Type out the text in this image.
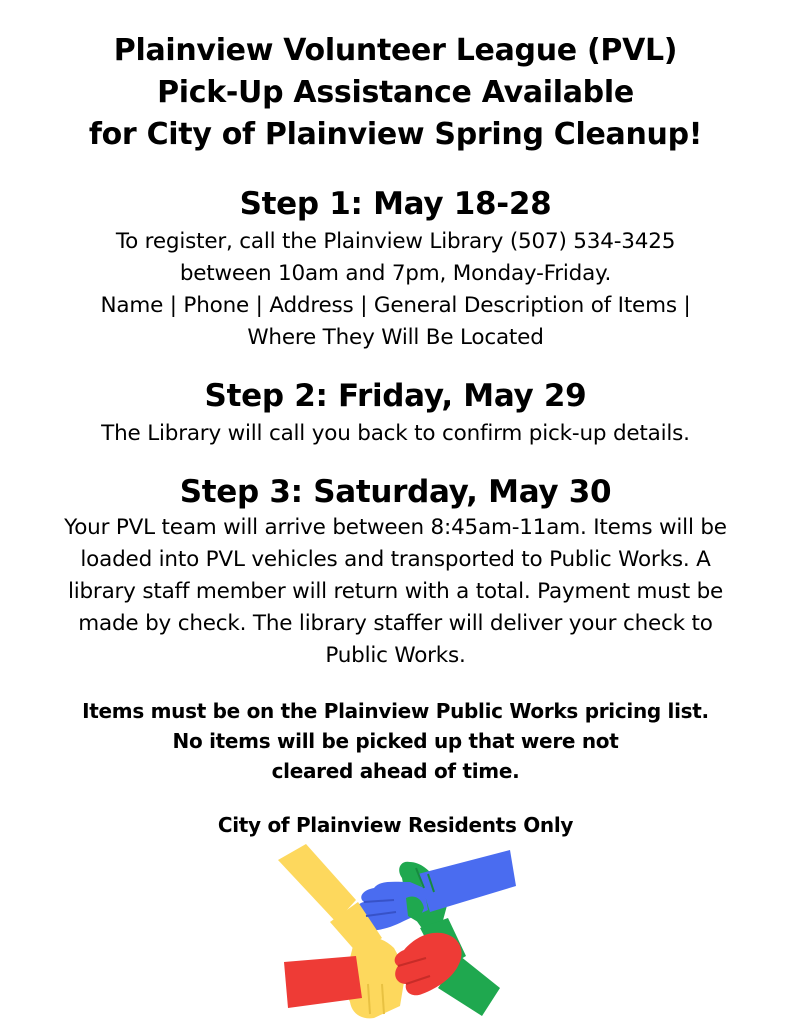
Plainview Volunteer League (PVL)
Pick-Up Assistance Available
for City of Plainview Spring Cleanup!
Step 1: May 18-28
To register, call the Plainview Library (507) 534-3425
between 10am and 7pm, Monday-Friday.
Name | Phone | Address | General Description of Items |
Where They Will Be Located
Step 2: Friday, May 29
The Library will call you back to confirm pick-up details.
Step 3: Saturday, May 30
Your PVL team will arrive between 8:45am-11am. Items will be
loaded into PVL vehicles and transported to Public Works. A
library staff member will return with a total. Payment must be
made by check. The library staffer will deliver your check to
Public Works.
Items must be on the Plainview Public Works pricing list.
No items will be picked up that were not
cleared ahead of time.
City of Plainview Residents Only
